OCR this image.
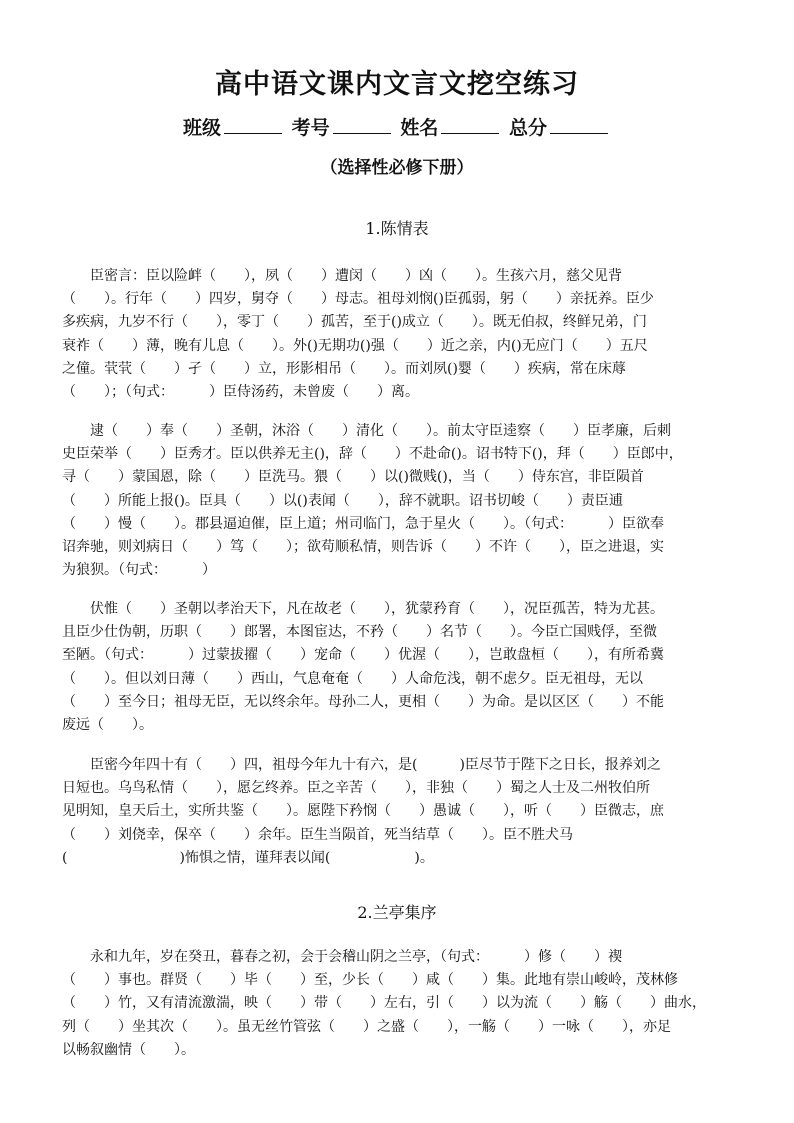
高中语文课内文言文挖空练习
班级	考号	姓名	总分
（选择性必修下册）
1.陈情表
臣密言：臣以险衅（　　），夙（　　）遭闵（　　）凶（　　）。生孩六月，慈父见背
（　　）。行年（　　）四岁，舅夺（　　）母志。祖母刘悯()臣孤弱，躬（　　）亲抚养。臣少
多疾病，九岁不行（　　），零丁（　　）孤苦，至于()成立（　　）。既无伯叔，终鲜兄弟，门
衰祚（　　）薄，晚有儿息（　　）。外()无期功()强（　　）近之亲，内()无应门（　　）五尺
之僮。茕茕（　　）孑（　　）立，形影相吊（　　）。而刘夙()婴（　　）疾病，常在床蓐
（　　）；（句式：　　　）臣侍汤药，未曾废（　　）离。
逮（　　）奉（　　）圣朝，沐浴（　　）清化（　　）。前太守臣逵察（　　）臣孝廉，后刺
史臣荣举（　　）臣秀才。臣以供养无主()，辞（　　）不赴命()。诏书特下()，拜（　　）臣郎中，
寻（　　）蒙国恩，除（　　）臣洗马。猥（　　）以()微贱()，当（　　）侍东宫，非臣陨首
（　　）所能上报()。臣具（　　）以()表闻（　　），辞不就职。诏书切峻（　　）责臣逋
（　　）慢（　　）。郡县逼迫催，臣上道；州司临门，急于星火（　　）。（句式：　　　）臣欲奉
诏奔驰，则刘病日（　　）笃（　　）；欲苟顺私情，则告诉（　　）不许（　　），臣之进退，实
为狼狈。（句式：　　　）
伏惟（　　）圣朝以孝治天下，凡在故老（　　），犹蒙矜育（　　），况臣孤苦，特为尤甚。
且臣少仕伪朝，历职（　　）郎署，本图宦达，不矜（　　）名节（　　）。今臣亡国贱俘，至微
至陋。（句式：　　　）过蒙拔擢（　　）宠命（　　）优渥（　　），岂敢盘桓（　　），有所希冀
（　　）。但以刘日薄（　　）西山，气息奄奄（　　）人命危浅，朝不虑夕。臣无祖母，无以
（　　）至今日；祖母无臣，无以终余年。母孙二人，更相（　　）为命。是以区区（　　）不能
废远（　　）。
臣密今年四十有（　　）四，祖母今年九十有六，是(　　　)臣尽节于陛下之日长，报养刘之
日短也。乌鸟私情（　　），愿乞终养。臣之辛苦（　　），非独（　　）蜀之人士及二州牧伯所
见明知，皇天后土，实所共鉴（　　）。愿陛下矜悯（　　）愚诚（　　），听（　　）臣微志，庶
（　　）刘侥幸，保卒（　　）余年。臣生当陨首，死当结草（　　）。臣不胜犬马
(　　　　　　　　)怖惧之情，谨拜表以闻(　　　　　　)。
2.兰亭集序
永和九年，岁在癸丑，暮春之初，会于会稽山阴之兰亭，（句式：　　　）修（　　）禊
（　　）事也。群贤（　　）毕（　　）至，少长（　　）咸（　　）集。此地有崇山峻岭，茂林修
（　　）竹，又有清流激湍，映（　　）带（　　）左右，引（　　）以为流（　　）觞（　　）曲水，
列（　　）坐其次（　　）。虽无丝竹管弦（　　）之盛（　　），一觞（　　）一咏（　　），亦足
以畅叙幽情（　　）。
